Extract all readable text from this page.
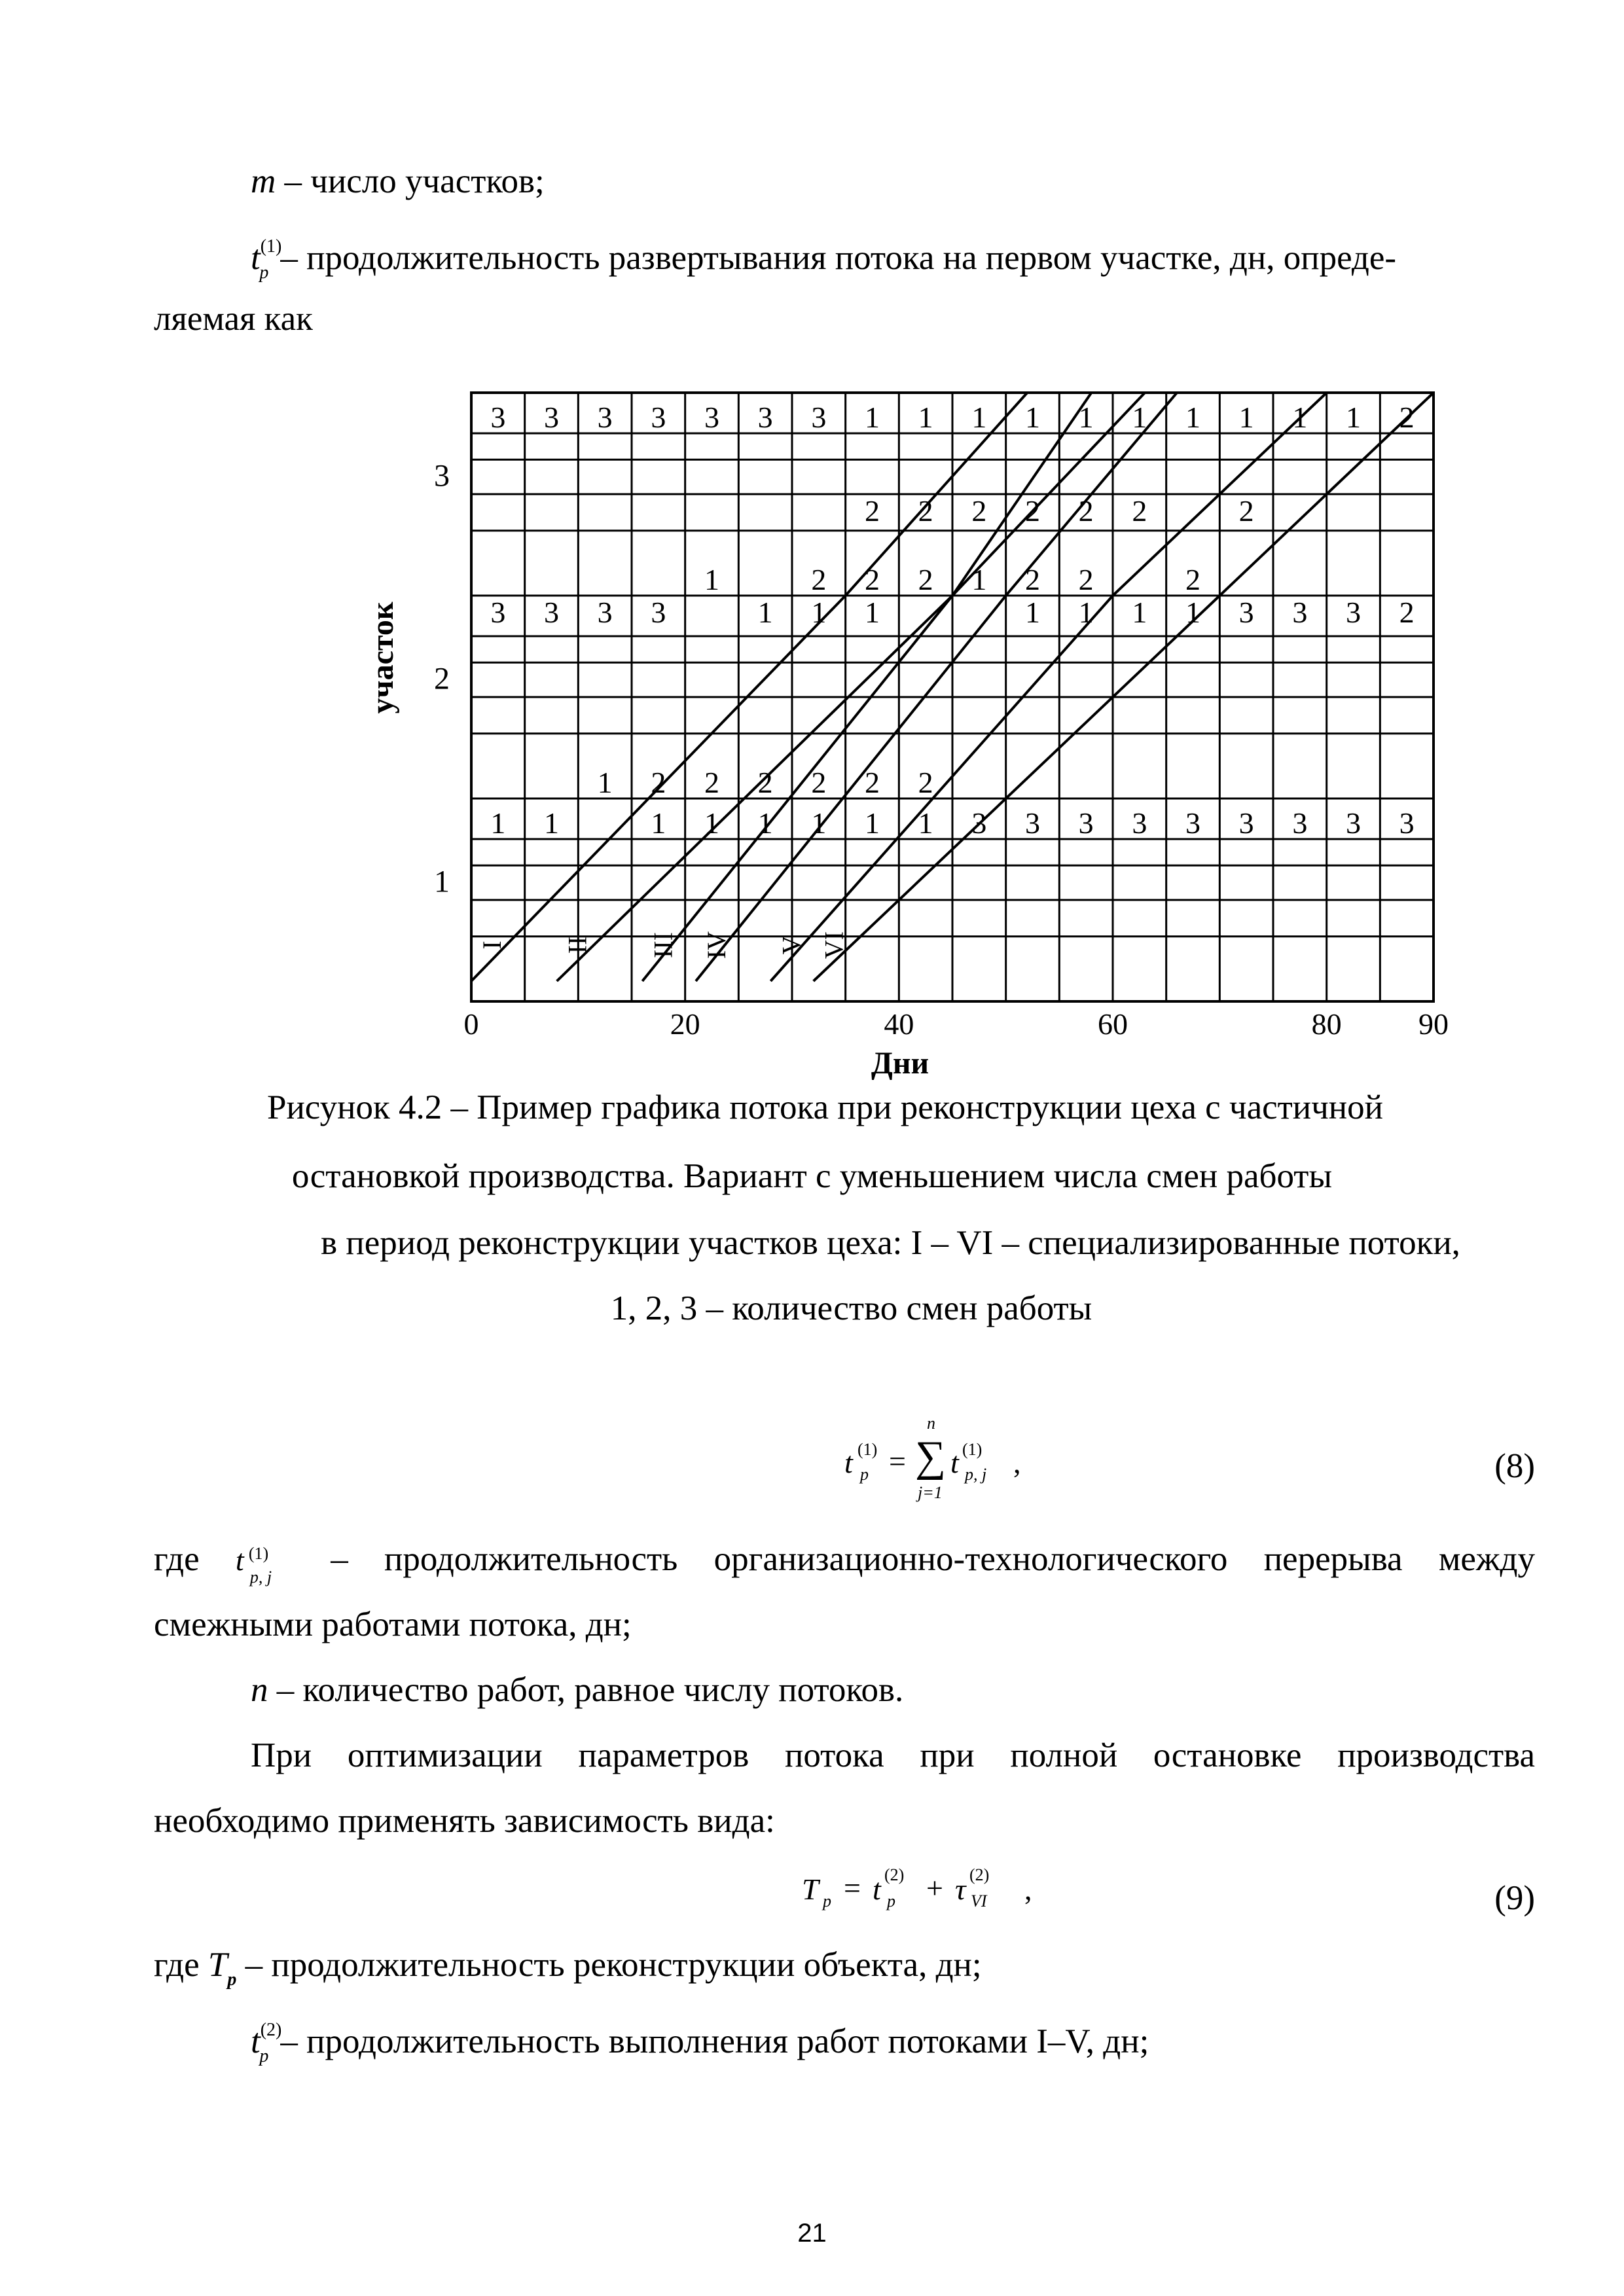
m – число участков;
$t^{(1)}_p$ – продолжительность развертывания потока на первом участке, дн, опреде-
ляемая как
3 3 3 3 3 3 3 1 1 1 1 1 1 1 1 1 1 2
2 2 2 2 2 2	2
1	2 2 2 1 2 2	2
3 3 3 3	1 1 1	1 1 1 1 3 3 3 2
1 2 2 2 2 2 2
1 1	1 1 1 1 1 1 3 3 3 3 3 3 3 3 3
I II III IV V VI
0	20	40	60	80	90
Дни
1
2
3
участок
Рисунок 4.2 – Пример графика потока при реконструкции цеха с частичной
остановкой производства. Вариант с уменьшением числа смен работы
в период реконструкции участков цеха: I – VI – специализированные потоки,
1, 2, 3 – количество смен работы
t (1)
p =
n
∑
j=1
t (1)
p, j ,	(8)
где t (1)
p, j – продолжительность организационно-технологического перерыва между
смежными работами потока, дн;
n – количество работ, равное числу потоков.
При оптимизации параметров потока при полной остановке производства
необходимо применять зависимость вида:
T p = t (2)
p + τ (2)
VI ,	(9)
где $T_p$ – продолжительность реконструкции объекта, дн;
$t^{(2)}_p$ – продолжительность выполнения работ потоками I–V, дн;
21
